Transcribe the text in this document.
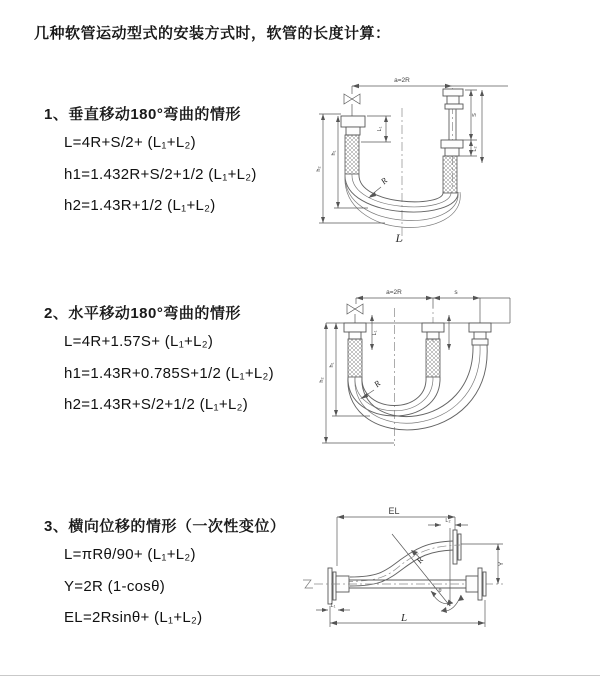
几种软管运动型式的安装方式时，软管的长度计算：
1、垂直移动180°弯曲的情形
L=4R+S/2+ (L₁+L₂)
h1=1.432R+S/2+1/2 (L₁+L₂)
h2=1.43R+1/2 (L₁+L₂)
2、水平移动180°弯曲的情形
L=4R+1.57S+ (L₁+L₂)
h1=1.43R+0.785S+1/2 (L₁+L₂)
h2=1.43R+S/2+1/2 (L₁+L₂)
3、横向位移的情形（一次性变位）
L=πRθ/90+ (L₁+L₂)
Y=2R (1-cosθ)
EL=2Rsinθ+ (L₁+L₂)
a=2R
L₁
S
L₂
h₂
h₁
R
L
a=2R	s
L₁
h₂
h₁
R
EL
L₂
θ
Y
R
L
L₁
